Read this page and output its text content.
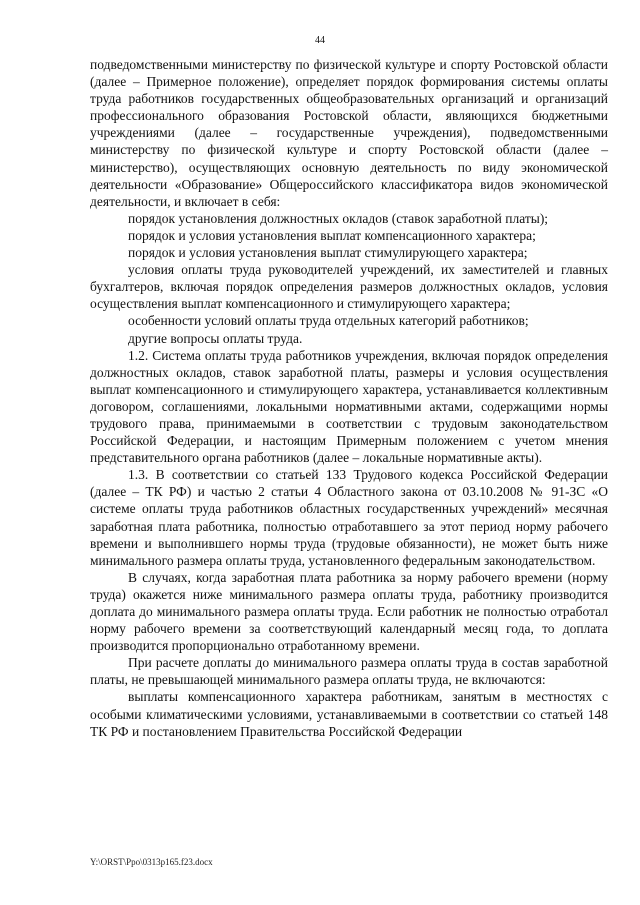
44

подведомственными министерству по физической культуре и спорту Ростовской области (далее – Примерное положение), определяет порядок формирования системы оплаты труда работников государственных общеобразовательных организаций и организаций профессионального образования Ростовской области, являющихся бюджетными учреждениями (далее – государственные учреждения), подведомственными министерству по физической культуре и спорту Ростовской области (далее – министерство), осуществляющих основную деятельность по виду экономической деятельности «Образование» Общероссийского классификатора видов экономической деятельности, и включает в себя:

порядок установления должностных окладов (ставок заработной платы);

порядок и условия установления выплат компенсационного характера;

порядок и условия установления выплат стимулирующего характера;

условия оплаты труда руководителей учреждений, их заместителей и главных бухгалтеров, включая порядок определения размеров должностных окладов, условия осуществления выплат компенсационного и стимулирующего характера;

особенности условий оплаты труда отдельных категорий работников;

другие вопросы оплаты труда.

1.2. Система оплаты труда работников учреждения, включая порядок определения должностных окладов, ставок заработной платы, размеры и условия осуществления выплат компенсационного и стимулирующего характера, устанавливается коллективным договором, соглашениями, локальными нормативными актами, содержащими нормы трудового права, принимаемыми в соответствии с трудовым законодательством Российской Федерации, и настоящим Примерным положением с учетом мнения представительного органа работников (далее – локальные нормативные акты).

1.3. В соответствии со статьей 133 Трудового кодекса Российской Федерации (далее – ТК РФ) и частью 2 статьи 4 Областного закона от 03.10.2008 № 91-ЗС «О системе оплаты труда работников областных государственных учреждений» месячная заработная плата работника, полностью отработавшего за этот период норму рабочего времени и выполнившего нормы труда (трудовые обязанности), не может быть ниже минимального размера оплаты труда, установленного федеральным законодательством.

В случаях, когда заработная плата работника за норму рабочего времени (норму труда) окажется ниже минимального размера оплаты труда, работнику производится доплата до минимального размера оплаты труда. Если работник не полностью отработал норму рабочего времени за соответствующий календарный месяц года, то доплата производится пропорционально отработанному времени.

При расчете доплаты до минимального размера оплаты труда в состав заработной платы, не превышающей минимального размера оплаты труда, не включаются:

выплаты компенсационного характера работникам, занятым в местностях с особыми климатическими условиями, устанавливаемыми в соответствии со статьей 148 ТК РФ и постановлением Правительства Российской Федерации

Y:\ORST\Ppo\0313p165.f23.docx
